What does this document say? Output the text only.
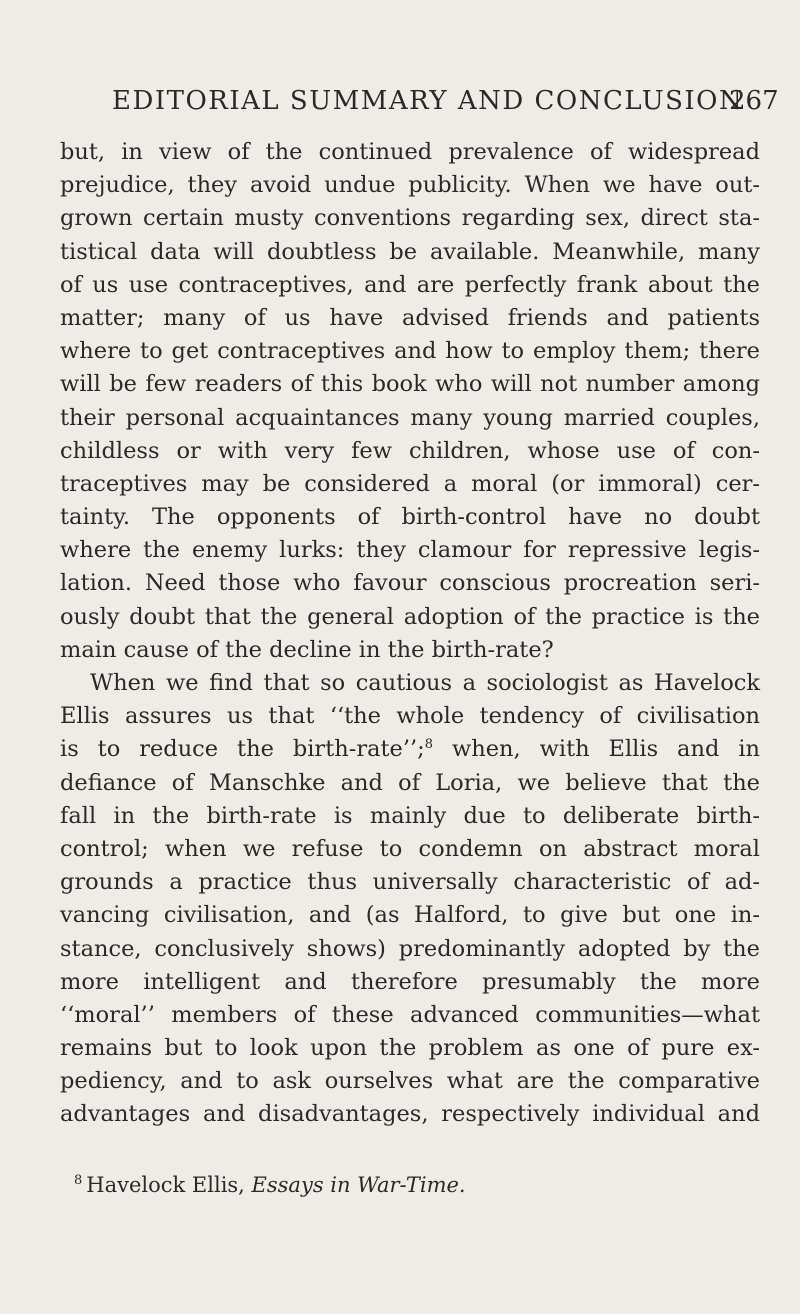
EDITORIAL SUMMARY AND CONCLUSION
267
but, in view of the continued prevalence of widespread
prejudice, they avoid undue publicity. When we have out-
grown certain musty conventions regarding sex, direct sta-
tistical data will doubtless be available. Meanwhile, many
of us use contraceptives, and are perfectly frank about the
matter; many of us have advised friends and patients
where to get contraceptives and how to employ them; there
will be few readers of this book who will not number among
their personal acquaintances many young married couples,
childless or with very few children, whose use of con-
traceptives may be considered a moral (or immoral) cer-
tainty. The opponents of birth-control have no doubt
where the enemy lurks: they clamour for repressive legis-
lation. Need those who favour conscious procreation seri-
ously doubt that the general adoption of the practice is the
main cause of the decline in the birth-rate?
When we find that so cautious a sociologist as Havelock
Ellis assures us that ‘‘the whole tendency of civilisation
is to reduce the birth-rate’’;$^8$ when, with Ellis and in
defiance of Manschke and of Loria, we believe that the
fall in the birth-rate is mainly due to deliberate birth-
control; when we refuse to condemn on abstract moral
grounds a practice thus universally characteristic of ad-
vancing civilisation, and (as Halford, to give but one in-
stance, conclusively shows) predominantly adopted by the
more intelligent and therefore presumably the more
‘‘moral’’ members of these advanced communities—what
remains but to look upon the problem as one of pure ex-
pediency, and to ask ourselves what are the comparative
advantages and disadvantages, respectively individual and
$^8$ Havelock Ellis, Essays in War-Time.
